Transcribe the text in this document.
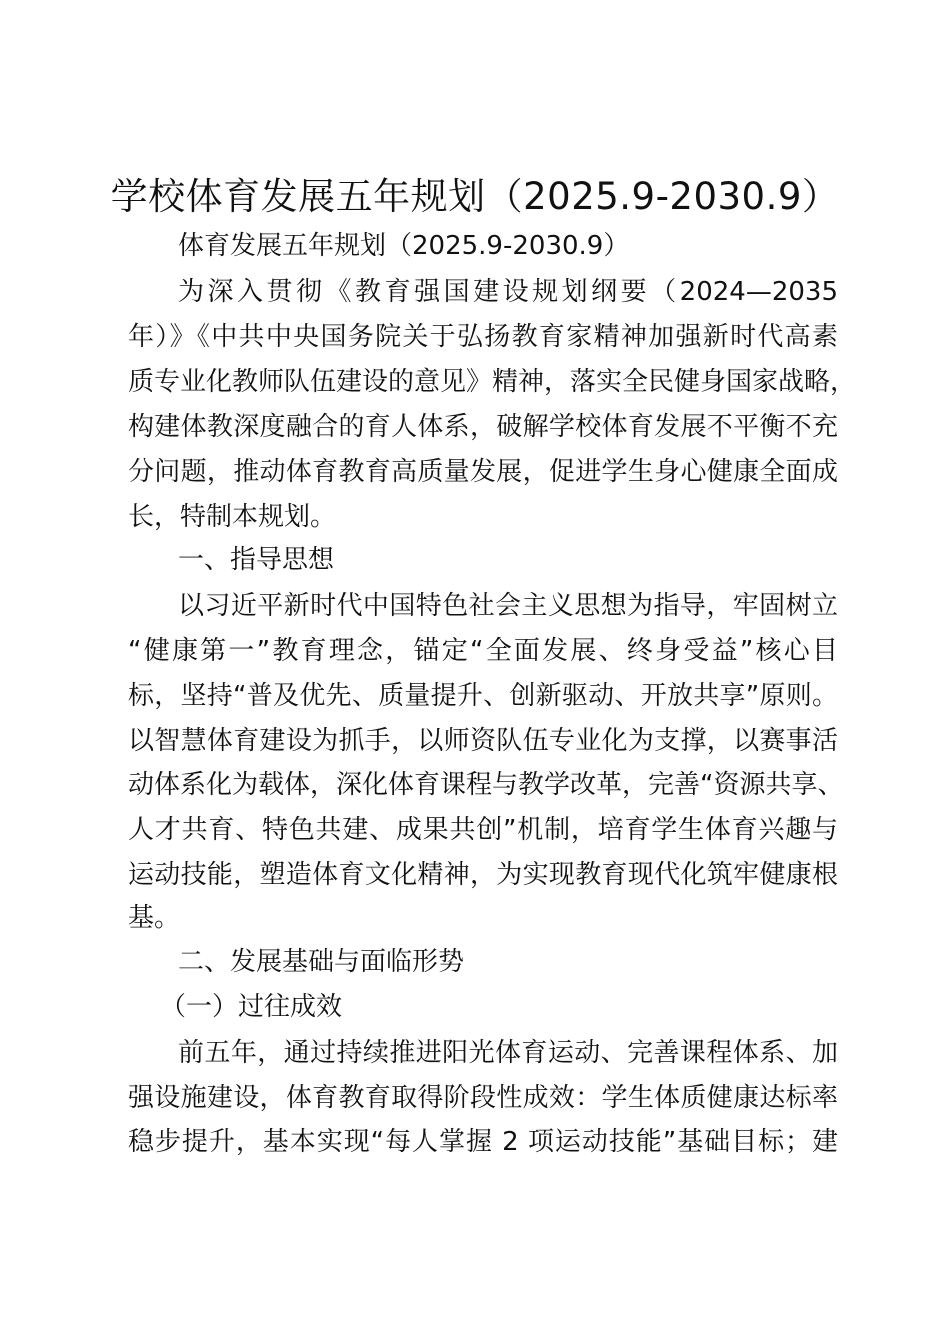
学校体育发展五年规划（2025.9-2030.9）
体育发展五年规划（2025.9-2030.9）
为深入贯彻《教育强国建设规划纲要（2024—2035
年）》《中共中央国务院关于弘扬教育家精神加强新时代高素
质专业化教师队伍建设的意见》精神，落实全民健身国家战略，
构建体教深度融合的育人体系，破解学校体育发展不平衡不充
分问题，推动体育教育高质量发展，促进学生身心健康全面成
长，特制本规划。
一、指导思想
以习近平新时代中国特色社会主义思想为指导，牢固树立
“健康第一”教育理念，锚定“全面发展、终身受益”核心目
标，坚持“普及优先、质量提升、创新驱动、开放共享”原则。
以智慧体育建设为抓手，以师资队伍专业化为支撑，以赛事活
动体系化为载体，深化体育课程与教学改革，完善“资源共享、
人才共育、特色共建、成果共创”机制，培育学生体育兴趣与
运动技能，塑造体育文化精神，为实现教育现代化筑牢健康根
基。
二、发展基础与面临形势
（一）过往成效
前五年，通过持续推进阳光体育运动、完善课程体系、加
强设施建设，体育教育取得阶段性成效：学生体质健康达标率
稳步提升，基本实现“每人掌握 2 项运动技能”基础目标；建
